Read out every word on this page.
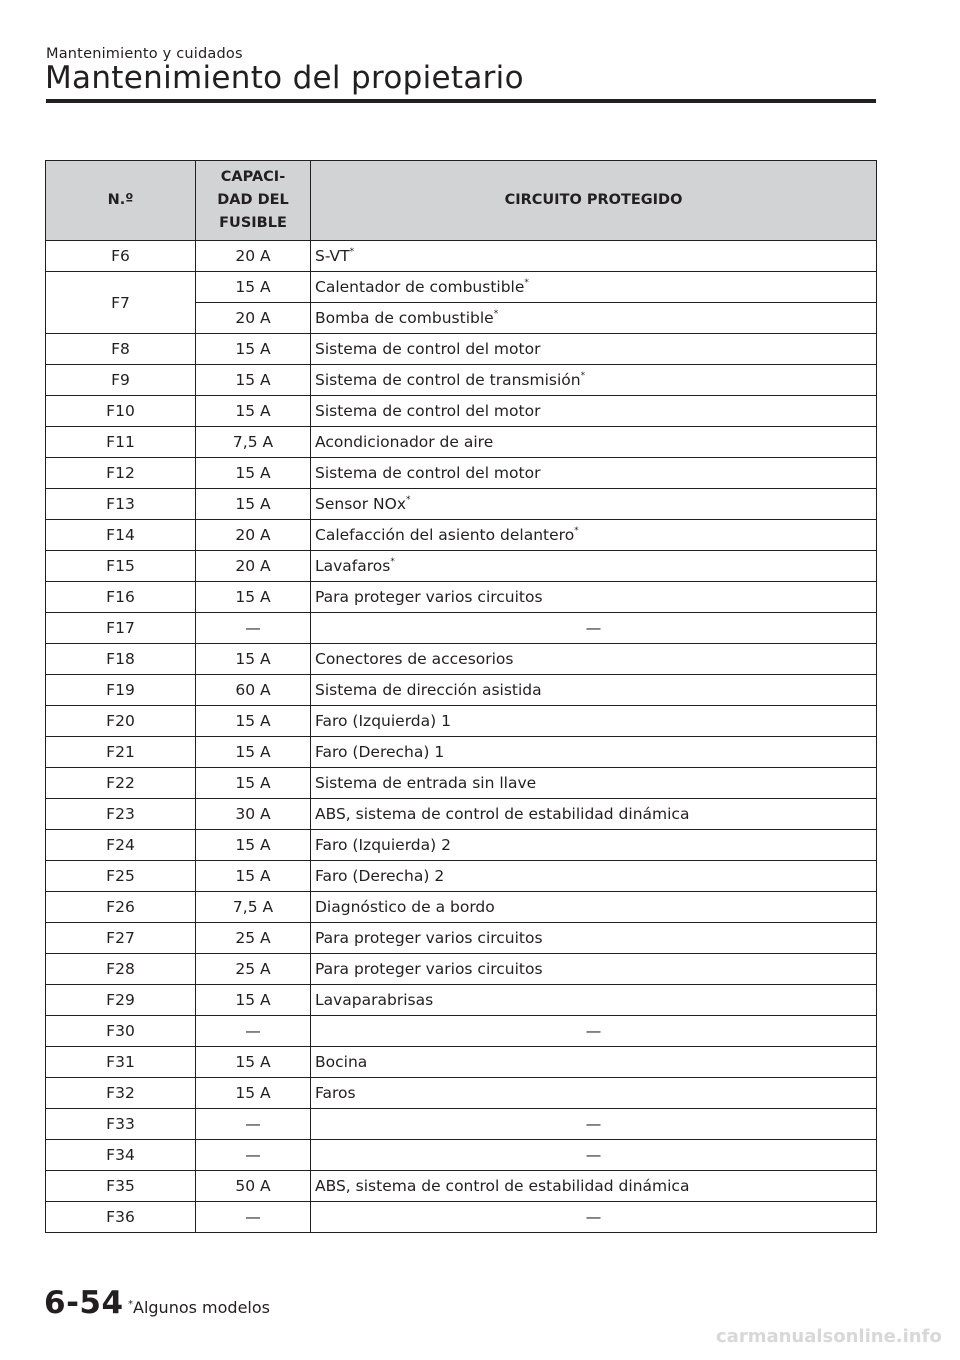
Mantenimiento y cuidados
Mantenimiento del propietario
N.º	CAPACI-
DAD DEL
FUSIBLE	CIRCUITO PROTEGIDO
F6	20 A	S-VT*
F7	15 A	Calentador de combustible*
	20 A	Bomba de combustible*
F8	15 A	Sistema de control del motor
F9	15 A	Sistema de control de transmisión*
F10	15 A	Sistema de control del motor
F11	7,5 A	Acondicionador de aire
F12	15 A	Sistema de control del motor
F13	15 A	Sensor NOx*
F14	20 A	Calefacción del asiento delantero*
F15	20 A	Lavafaros*
F16	15 A	Para proteger varios circuitos
F17	—	—
F18	15 A	Conectores de accesorios
F19	60 A	Sistema de dirección asistida
F20	15 A	Faro (Izquierda) 1
F21	15 A	Faro (Derecha) 1
F22	15 A	Sistema de entrada sin llave
F23	30 A	ABS, sistema de control de estabilidad dinámica
F24	15 A	Faro (Izquierda) 2
F25	15 A	Faro (Derecha) 2
F26	7,5 A	Diagnóstico de a bordo
F27	25 A	Para proteger varios circuitos
F28	25 A	Para proteger varios circuitos
F29	15 A	Lavaparabrisas
F30	—	—
F31	15 A	Bocina
F32	15 A	Faros
F33	—	—
F34	—	—
F35	50 A	ABS, sistema de control de estabilidad dinámica
F36	—	—
6-54 *Algunos modelos
carmanualsonline.info
